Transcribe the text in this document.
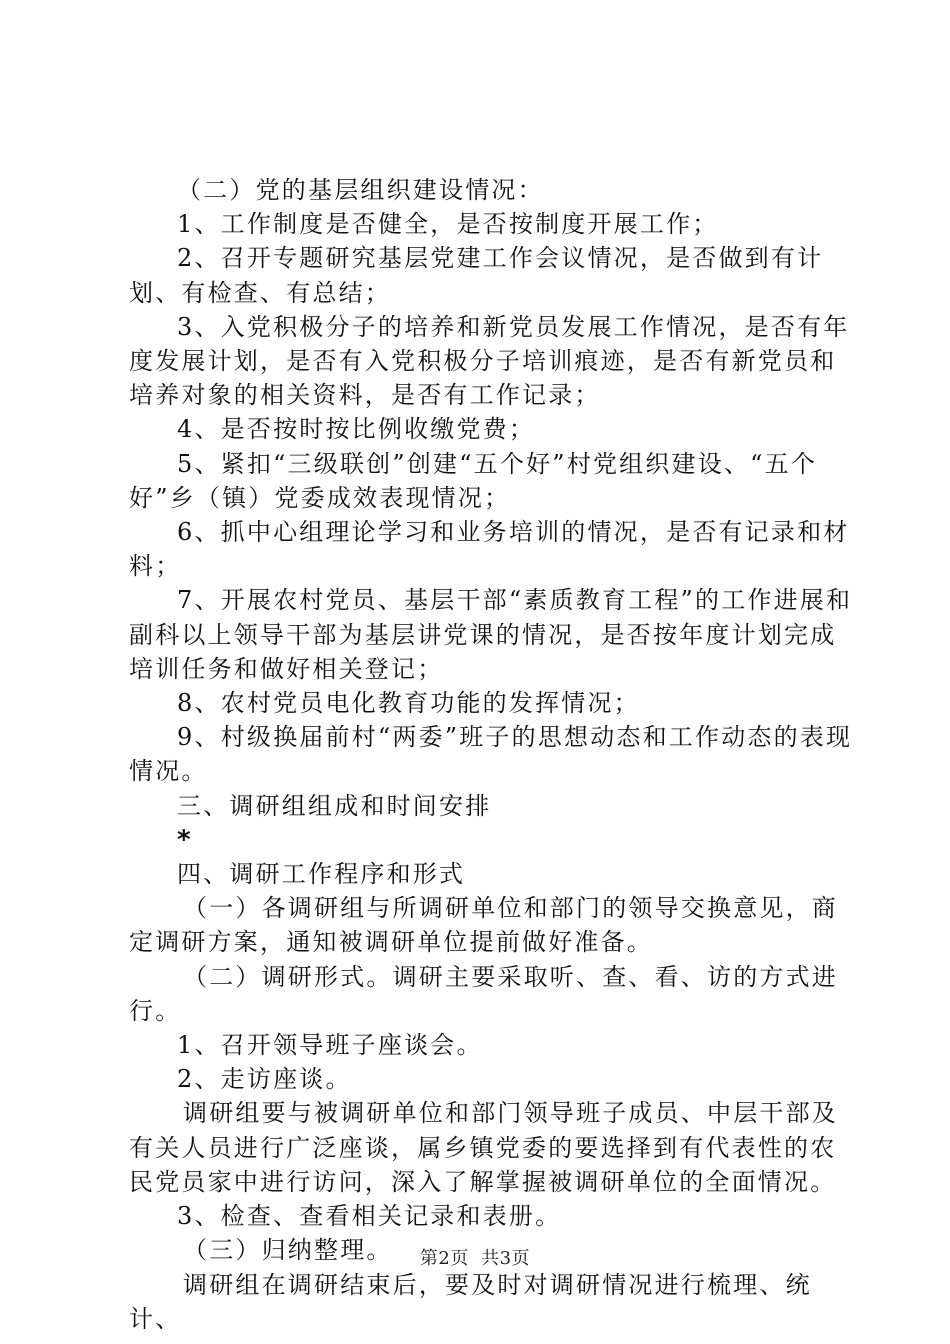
（二）党的基层组织建设情况：

1、工作制度是否健全，是否按制度开展工作；

2、召开专题研究基层党建工作会议情况，是否做到有计划、有检查、有总结；

3、入党积极分子的培养和新党员发展工作情况，是否有年度发展计划，是否有入党积极分子培训痕迹，是否有新党员和培养对象的相关资料，是否有工作记录；

4、是否按时按比例收缴党费；

5、紧扣“三级联创”创建“五个好”村党组织建设、“五个好”乡（镇）党委成效表现情况；

6、抓中心组理论学习和业务培训的情况，是否有记录和材料；

7、开展农村党员、基层干部“素质教育工程”的工作进展和副科以上领导干部为基层讲党课的情况，是否按年度计划完成培训任务和做好相关登记；

8、农村党员电化教育功能的发挥情况；

9、村级换届前村“两委”班子的思想动态和工作动态的表现情况。

三、调研组组成和时间安排

*

四、调研工作程序和形式

（一）各调研组与所调研单位和部门的领导交换意见，商定调研方案，通知被调研单位提前做好准备。

（二）调研形式。调研主要采取听、查、看、访的方式进行。

1、召开领导班子座谈会。

2、走访座谈。

调研组要与被调研单位和部门领导班子成员、中层干部及有关人员进行广泛座谈，属乡镇党委的要选择到有代表性的农民党员家中进行访问，深入了解掌握被调研单位的全面情况。

3、检查、查看相关记录和表册。

（三）归纳整理。

调研组在调研结束后，要及时对调研情况进行梳理、统计、

第2页 共3页
